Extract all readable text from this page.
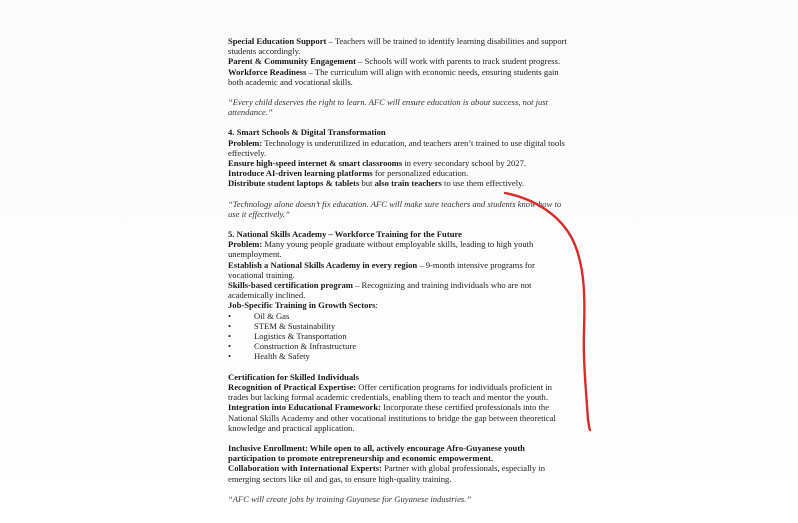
Special Education Support – Teachers will be trained to identify learning disabilities and support students accordingly.

Parent & Community Engagement – Schools will work with parents to track student progress.

Workforce Readiness – The curriculum will align with economic needs, ensuring students gain both academic and vocational skills.

“Every child deserves the right to learn. AFC will ensure education is about success, not just attendance.”

4. Smart Schools & Digital Transformation

Problem: Technology is underutilized in education, and teachers aren’t trained to use digital tools effectively.

Ensure high-speed internet & smart classrooms in every secondary school by 2027.

Introduce AI-driven learning platforms for personalized education.

Distribute student laptops & tablets but also train teachers to use them effectively.

“Technology alone doesn’t fix education. AFC will make sure teachers and students know how to use it effectively.”

5. National Skills Academy – Workforce Training for the Future

Problem: Many young people graduate without employable skills, leading to high youth unemployment.

Establish a National Skills Academy in every region – 9-month intensive programs for vocational training.

Skills-based certification program – Recognizing and training individuals who are not academically inclined.

Job-Specific Training in Growth Sectors:

• Oil & Gas
• STEM & Sustainability
• Logistics & Transportation
• Construction & Infrastructure
• Health & Safety

Certification for Skilled Individuals

Recognition of Practical Expertise: Offer certification programs for individuals proficient in trades but lacking formal academic credentials, enabling them to teach and mentor the youth.

Integration into Educational Framework: Incorporate these certified professionals into the National Skills Academy and other vocational institutions to bridge the gap between theoretical knowledge and practical application.

Inclusive Enrollment: While open to all, actively encourage Afro-Guyanese youth participation to promote entrepreneurship and economic empowerment.

Collaboration with International Experts: Partner with global professionals, especially in emerging sectors like oil and gas, to ensure high-quality training.

“AFC will create jobs by training Guyanese for Guyanese industries.”
